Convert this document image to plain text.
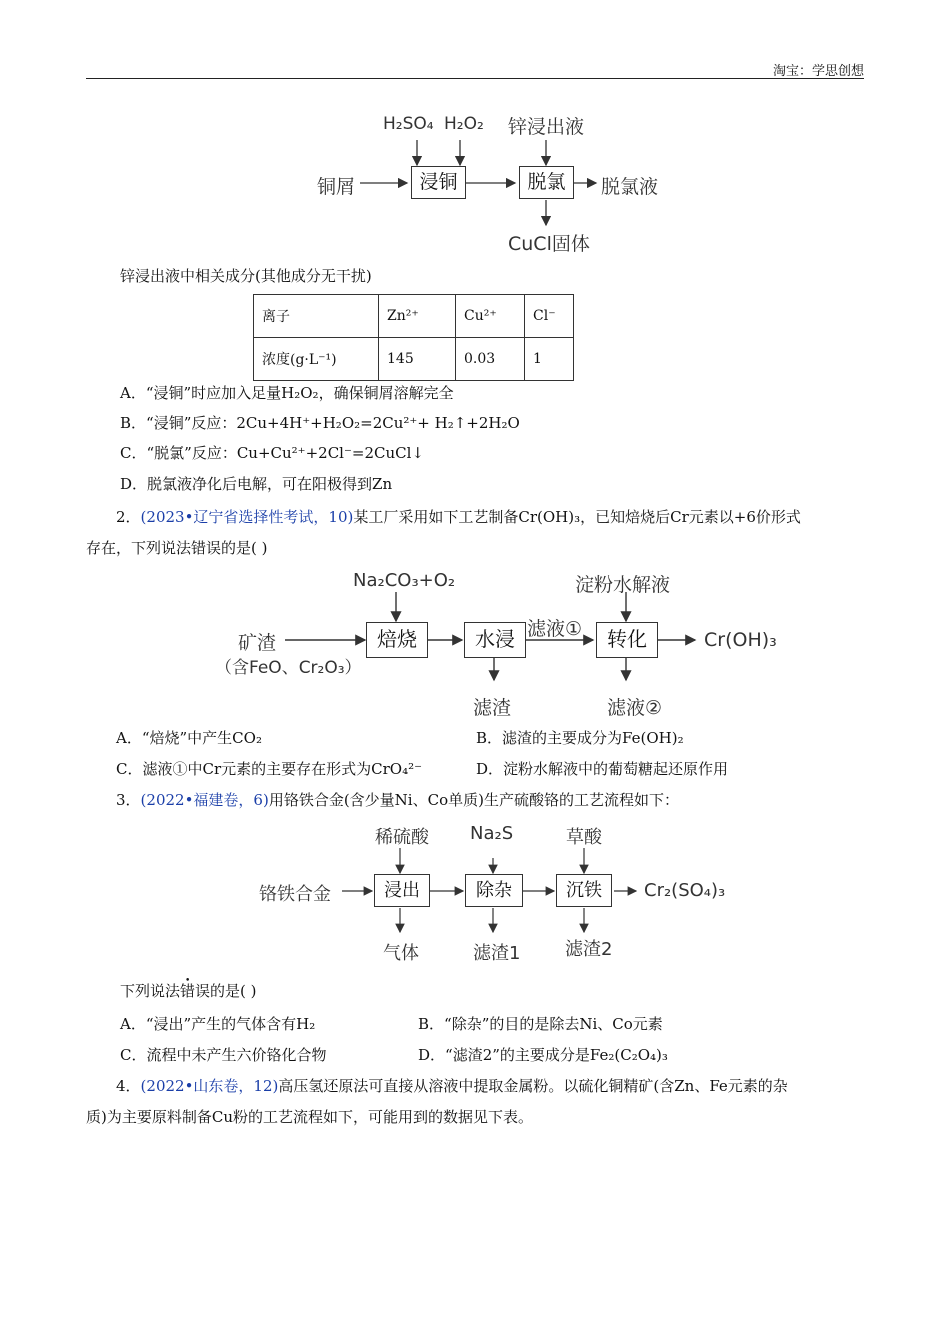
淘宝：学思创想
H₂SO₄ H₂O₂ 锌浸出液
铜屑	浸铜	脱氯	脱氯液
CuCl固体
锌浸出液中相关成分(其他成分无干扰)
离子	Zn²⁺	Cu²⁺	Cl⁻
浓度(g·L⁻¹)	145	0.03	1
A．“浸铜”时应加入足量H₂O₂，确保铜屑溶解完全
B．“浸铜”反应：2Cu+4H⁺+H₂O₂=2Cu²⁺+ H₂↑+2H₂O
C．“脱氯”反应：Cu+Cu²⁺+2Cl⁻=2CuCl↓
D．脱氯液净化后电解，可在阳极得到Zn
2．(2023•辽宁省选择性考试，10)某工厂采用如下工艺制备Cr(OH)₃，已知焙烧后Cr元素以+6价形式
存在，下列说法错误的是( )
Na₂CO₃+O₂	淀粉水解液
矿渣
（含FeO、Cr₂O₃）
焙烧	水浸 滤液①	转化	Cr(OH)₃
滤渣	滤液②
A．“焙烧”中产生CO₂	B．滤渣的主要成分为Fe(OH)₂
C．滤液①中Cr元素的主要存在形式为CrO₄²⁻	D．淀粉水解液中的葡萄糖起还原作用
3．(2022•福建卷，6)用铬铁合金(含少量Ni、Co单质)生产硫酸铬的工艺流程如下：
稀硫酸 Na₂S	草酸
铬铁合金	浸出	除杂	沉铁	Cr₂(SO₄)₃
气体	滤渣1 滤渣2
下列说法错误的是( )
A．“浸出”产生的气体含有H₂	B．“除杂”的目的是除去Ni、Co元素
C．流程中未产生六价铬化合物	D．“滤渣2”的主要成分是Fe₂(C₂O₄)₃
4．(2022•山东卷，12)高压氢还原法可直接从溶液中提取金属粉。以硫化铜精矿(含Zn、Fe元素的杂
质)为主要原料制备Cu粉的工艺流程如下，可能用到的数据见下表。
